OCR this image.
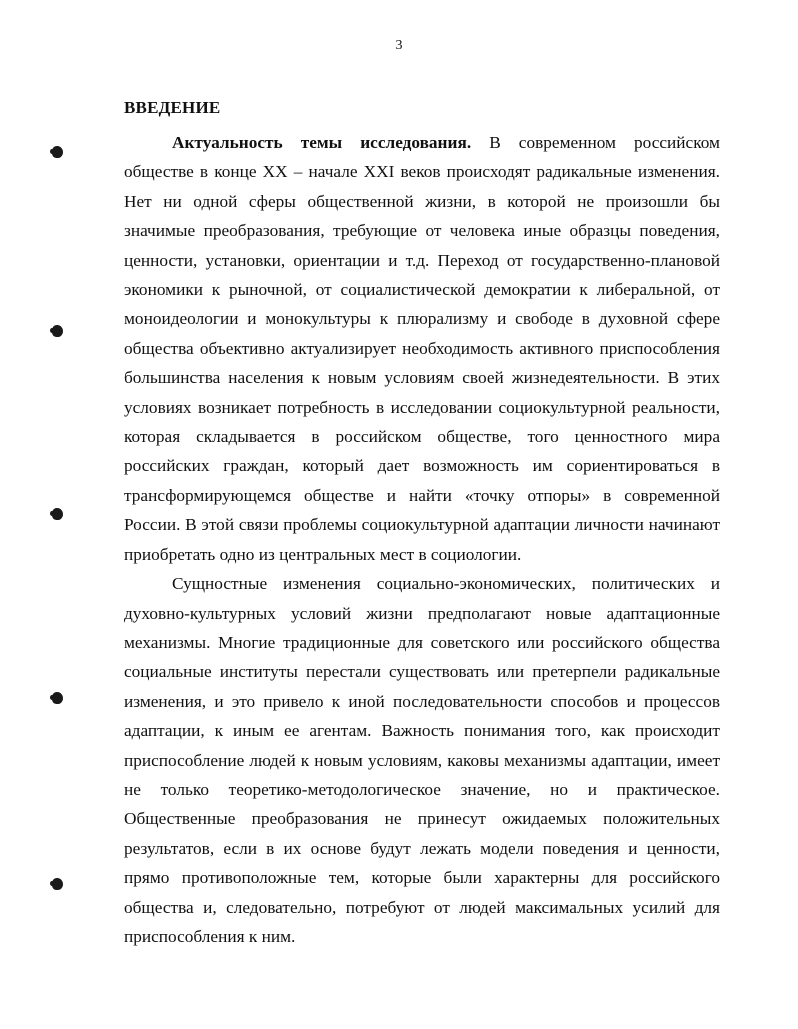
3
ВВЕДЕНИЕ

Актуальность темы исследования. В современном российском обществе в конце XX – начале XXI веков происходят радикальные изменения. Нет ни одной сферы общественной жизни, в которой не произошли бы значимые преобразования, требующие от человека иные образцы поведения, ценности, установки, ориентации и т.д. Переход от государственно-плановой экономики к рыночной, от социалистической демократии к либеральной, от моноидеологии и монокультуры к плюрализму и свободе в духовной сфере общества объективно актуализирует необходимость активного приспособления большинства населения к новым условиям своей жизнедеятельности. В этих условиях возникает потребность в исследовании социокультурной реальности, которая складывается в российском обществе, того ценностного мира российских граждан, который дает возможность им сориентироваться в трансформирующемся обществе и найти «точку отпоры» в современной России. В этой связи проблемы социокультурной адаптации личности начинают приобретать одно из центральных мест в социологии.

Сущностные изменения социально-экономических, политических и духовно-культурных условий жизни предполагают новые адаптационные механизмы. Многие традиционные для советского или российского общества социальные институты перестали существовать или претерпели радикальные изменения, и это привело к иной последовательности способов и процессов адаптации, к иным ее агентам. Важность понимания того, как происходит приспособление людей к новым условиям, каковы механизмы адаптации, имеет не только теоретико-методологическое значение, но и практическое. Общественные преобразования не принесут ожидаемых положительных результатов, если в их основе будут лежать модели поведения и ценности, прямо противоположные тем, которые были характерны для российского общества и, следовательно, потребуют от людей максимальных усилий для приспособления к ним.
